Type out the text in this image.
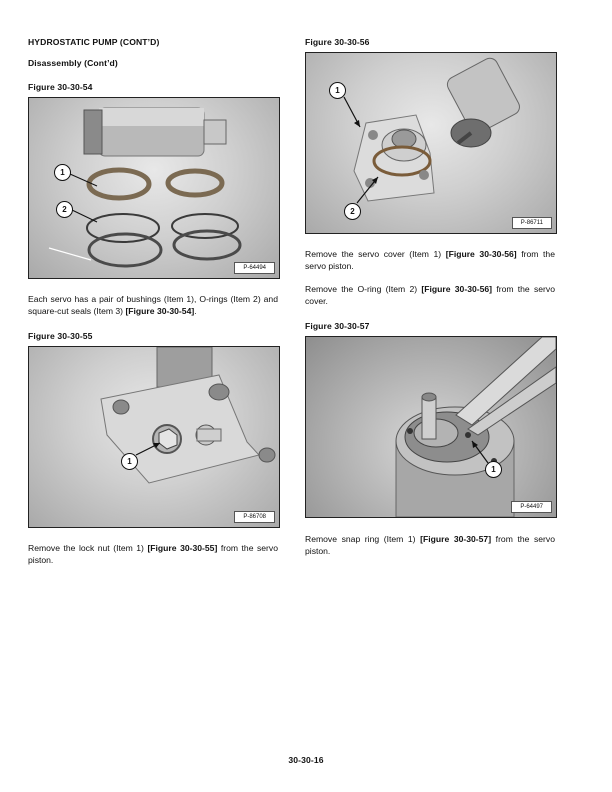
HYDROSTATIC PUMP (CONT’D)
Disassembly (Cont’d)
Figure 30-30-54
1
2
P-64494
Each servo has a pair of bushings (Item 1), O-rings (Item 2) and square-cut seals (Item 3) [Figure 30-30-54].
Figure 30-30-55
1
P-86708
Remove the lock nut (Item 1) [Figure 30-30-55] from the servo piston.
Figure 30-30-56
1
2
P-86711
Remove the servo cover (Item 1) [Figure 30-30-56] from the servo piston.
Remove the O-ring (Item 2) [Figure 30-30-56] from the servo cover.
Figure 30-30-57
1
P-64497
Remove snap ring (Item 1) [Figure 30-30-57] from the servo piston.
30-30-16
